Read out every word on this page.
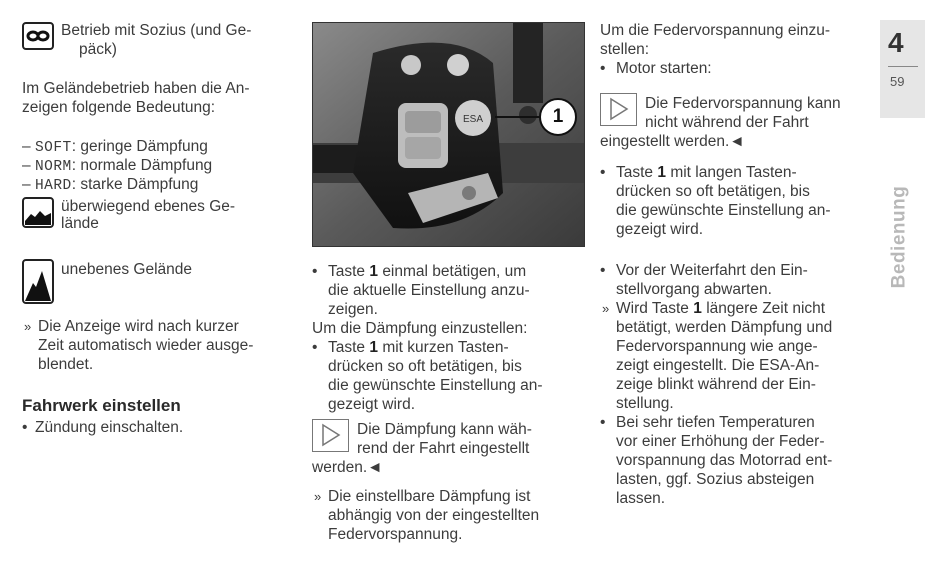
Betrieb mit Sozius (und Ge-
päck)
Im Geländebetrieb haben die An-
zeigen folgende Bedeutung:
– SOFT: geringe Dämpfung
– NORM: normale Dämpfung
– HARD: starke Dämpfung
überwiegend ebenes Ge-
lände
unebenes Gelände
» Die Anzeige wird nach kurzer
Zeit automatisch wieder ausge-
blendet.
Fahrwerk einstellen
• Zündung einschalten.
ESA	1
• Taste 1 einmal betätigen, um
die aktuelle Einstellung anzu-
zeigen.
Um die Dämpfung einzustellen:
• Taste 1 mit kurzen Tasten-
drücken so oft betätigen, bis
die gewünschte Einstellung an-
gezeigt wird.
Die Dämpfung kann wäh-
rend der Fahrt eingestellt
werden.◄
» Die einstellbare Dämpfung ist
abhängig von der eingestellten
Federvorspannung.
Um die Federvorspannung einzu-
stellen:
• Motor starten:
Die Federvorspannung kann
nicht während der Fahrt
eingestellt werden.◄
• Taste 1 mit langen Tasten-
drücken so oft betätigen, bis
die gewünschte Einstellung an-
gezeigt wird.
• Vor der Weiterfahrt den Ein-
stellvorgang abwarten.
» Wird Taste 1 längere Zeit nicht
betätigt, werden Dämpfung und
Federvorspannung wie ange-
zeigt eingestellt. Die ESA-An-
zeige blinkt während der Ein-
stellung.
• Bei sehr tiefen Temperaturen
vor einer Erhöhung der Feder-
vorspannung das Motorrad ent-
lasten, ggf. Sozius absteigen
lassen.
4
59
Bedienung
